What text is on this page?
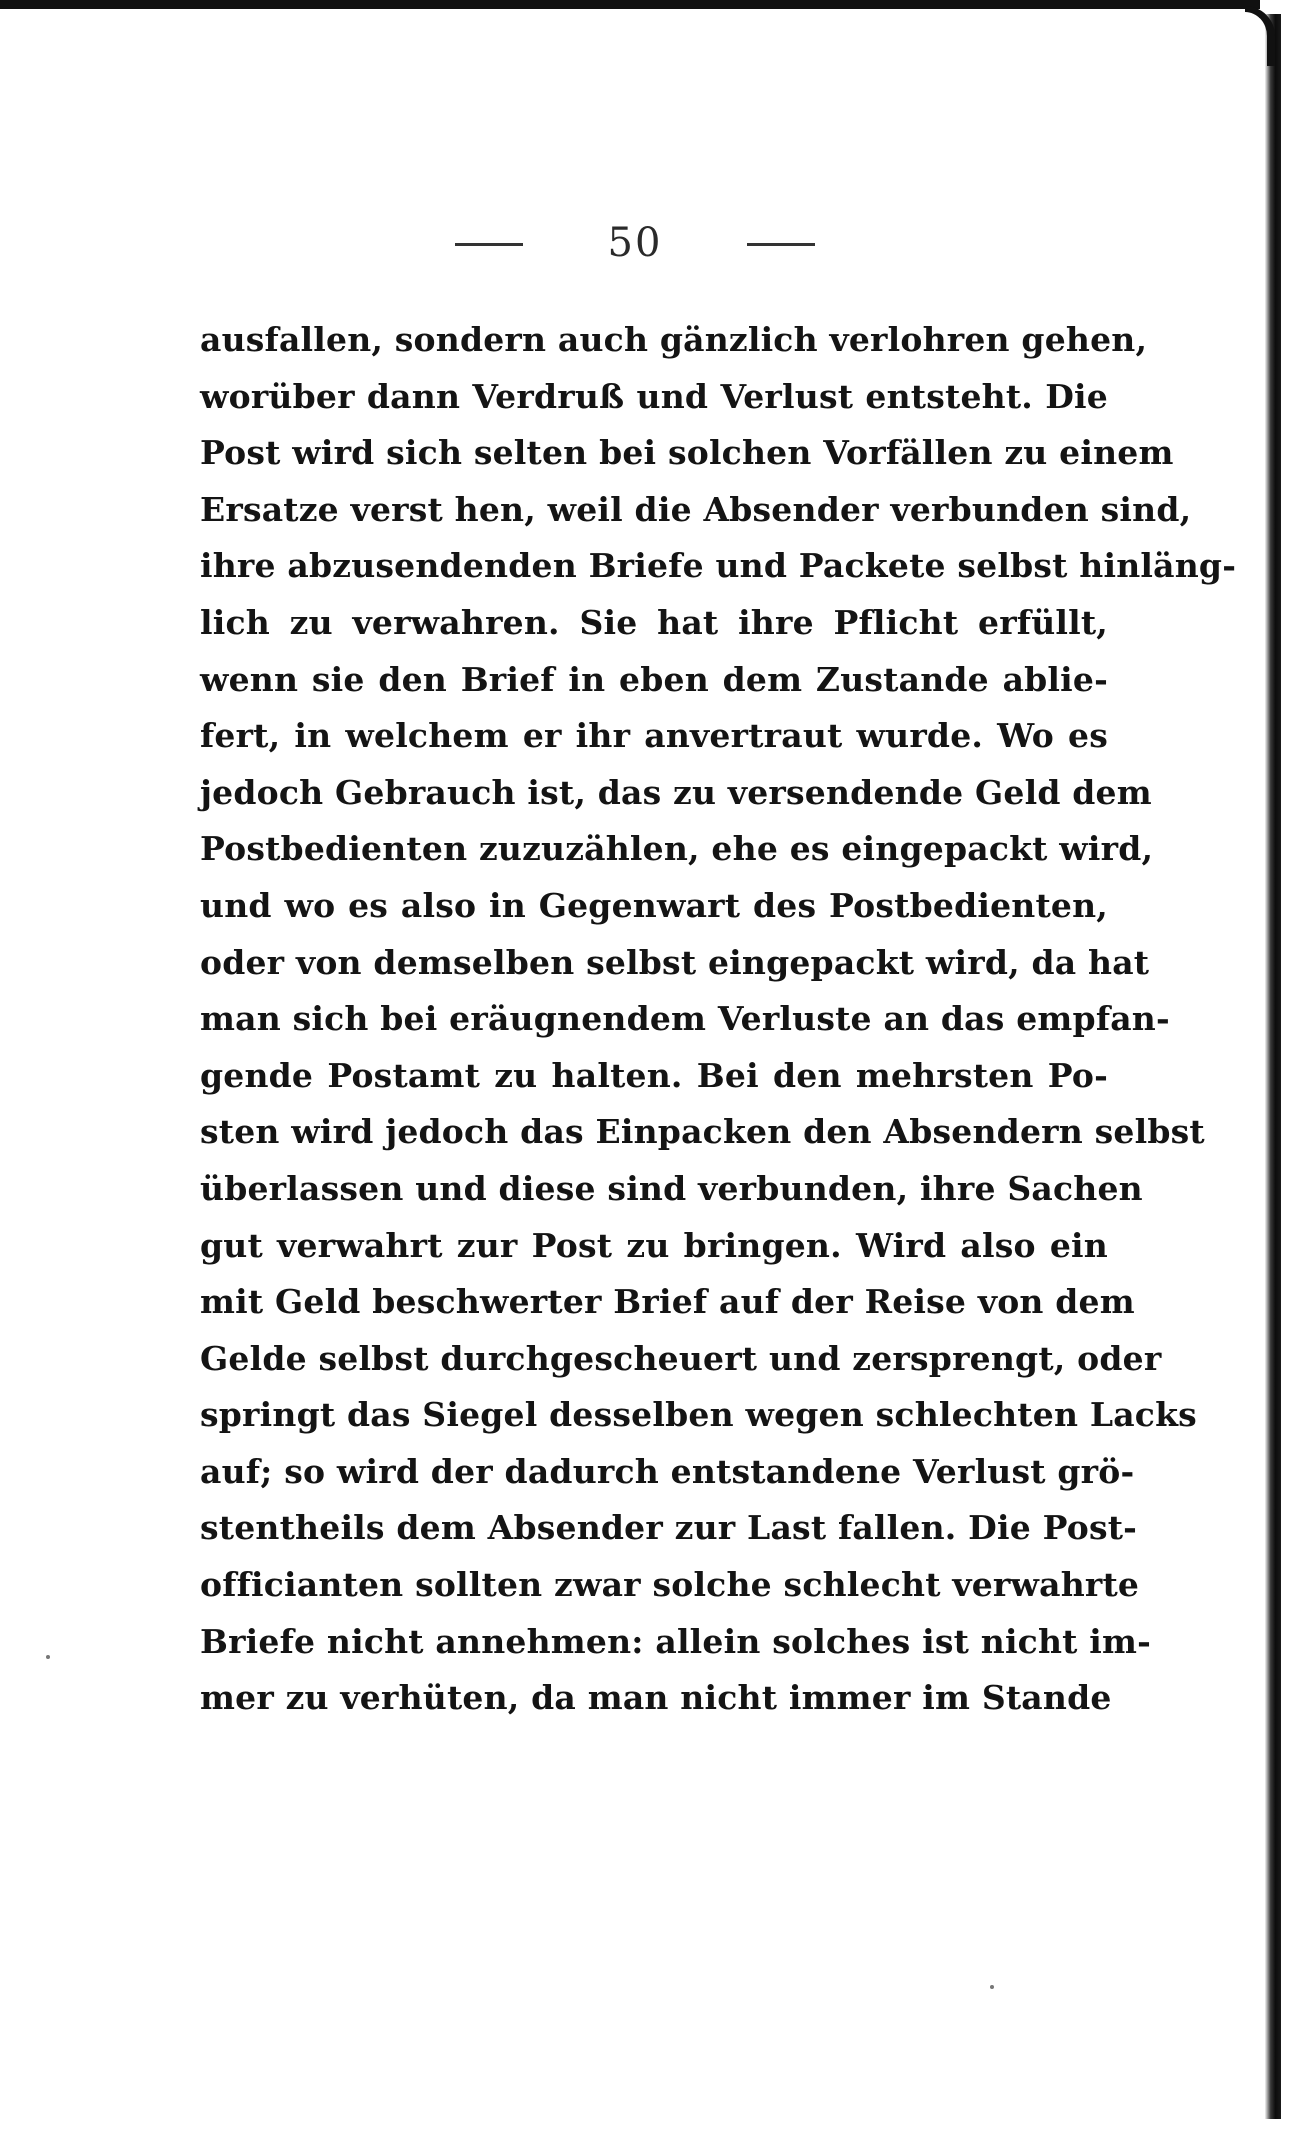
50
ausfallen, sondern auch gänzlich verlohren gehen,
worüber dann Verdruß und Verlust entsteht. Die
Post wird sich selten bei solchen Vorfällen zu einem
Ersatze verst hen, weil die Absender verbunden sind,
ihre abzusendenden Briefe und Packete selbst hinläng-
lich zu verwahren. Sie hat ihre Pflicht erfüllt,
wenn sie den Brief in eben dem Zustande ablie-
fert, in welchem er ihr anvertraut wurde. Wo es
jedoch Gebrauch ist, das zu versendende Geld dem
Postbedienten zuzuzählen, ehe es eingepackt wird,
und wo es also in Gegenwart des Postbedienten,
oder von demselben selbst eingepackt wird, da hat
man sich bei eräugnendem Verluste an das empfan-
gende Postamt zu halten. Bei den mehrsten Po-
sten wird jedoch das Einpacken den Absendern selbst
überlassen und diese sind verbunden, ihre Sachen
gut verwahrt zur Post zu bringen. Wird also ein
mit Geld beschwerter Brief auf der Reise von dem
Gelde selbst durchgescheuert und zersprengt, oder
springt das Siegel desselben wegen schlechten Lacks
auf; so wird der dadurch entstandene Verlust grö-
stentheils dem Absender zur Last fallen. Die Post-
officianten sollten zwar solche schlecht verwahrte
Briefe nicht annehmen: allein solches ist nicht im-
mer zu verhüten, da man nicht immer im Stande
